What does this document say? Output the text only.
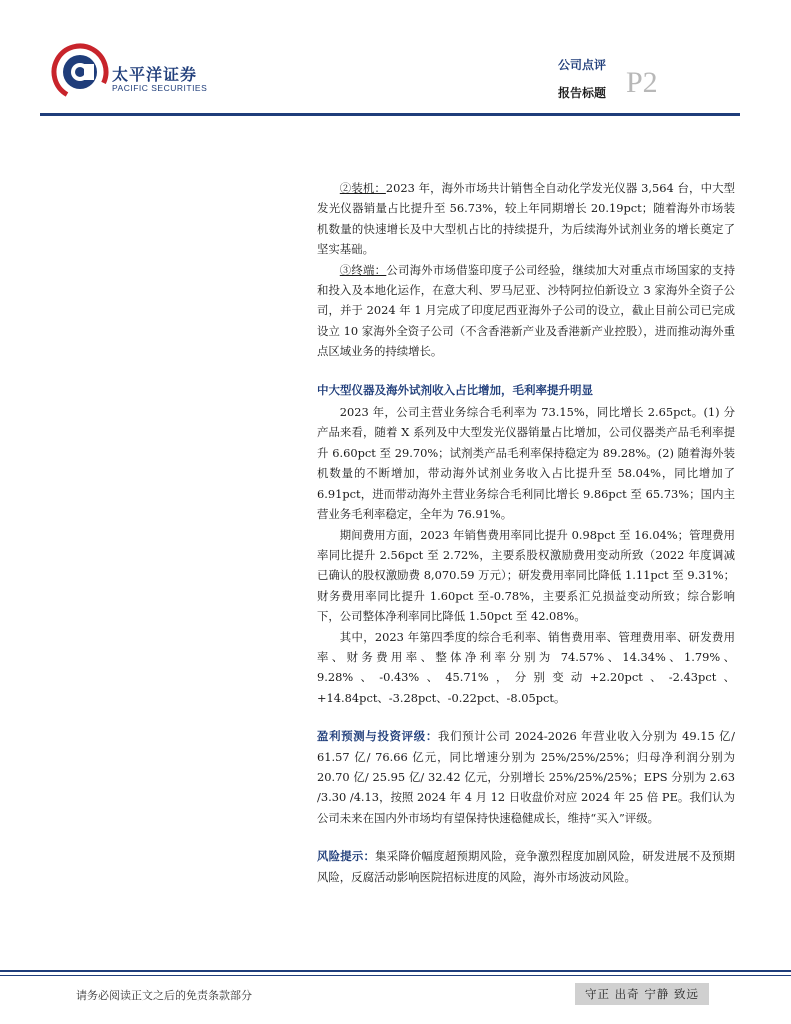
太平洋证券
PACIFIC SECURITIES
公司点评
报告标题 P2

②装机：2023 年，海外市场共计销售全自动化学发光仪器 3,564 台，中大型发光仪器销量占比提升至 56.73%，较上年同期增长 20.19pct；随着海外市场装机数量的快速增长及中大型机占比的持续提升，为后续海外试剂业务的增长奠定了坚实基础。

③终端：公司海外市场借鉴印度子公司经验，继续加大对重点市场国家的支持和投入及本地化运作，在意大利、罗马尼亚、沙特阿拉伯新设立 3 家海外全资子公司，并于 2024 年 1 月完成了印度尼西亚海外子公司的设立，截止目前公司已完成设立 10 家海外全资子公司（不含香港新产业及香港新产业控股），进而推动海外重点区域业务的持续增长。

中大型仪器及海外试剂收入占比增加，毛利率提升明显

2023 年，公司主营业务综合毛利率为 73.15%，同比增长 2.65pct。(1) 分产品来看，随着 X 系列及中大型发光仪器销量占比增加，公司仪器类产品毛利率提升 6.60pct 至 29.70%；试剂类产品毛利率保持稳定为 89.28%。(2) 随着海外装机数量的不断增加，带动海外试剂业务收入占比提升至 58.04%，同比增加了 6.91pct，进而带动海外主营业务综合毛利同比增长 9.86pct 至 65.73%；国内主营业务毛利率稳定，全年为 76.91%。

期间费用方面，2023 年销售费用率同比提升 0.98pct 至 16.04%；管理费用率同比提升 2.56pct 至 2.72%，主要系股权激励费用变动所致（2022 年度调减已确认的股权激励费 8,070.59 万元）；研发费用率同比降低 1.11pct 至 9.31%；财务费用率同比提升 1.60pct 至-0.78%，主要系汇兑损益变动所致；综合影响下，公司整体净利率同比降低 1.50pct 至 42.08%。

其中，2023 年第四季度的综合毛利率、销售费用率、管理费用率、研发费用率、财务费用率、整体净利率分别为 74.57%、14.34%、1.79%、9.28%、-0.43%、45.71%，分别变动+2.20pct、-2.43pct、+14.84pct、-3.28pct、-0.22pct、-8.05pct。

盈利预测与投资评级：我们预计公司 2024-2026 年营业收入分别为 49.15 亿/ 61.57 亿/ 76.66 亿元，同比增速分别为 25%/25%/25%；归母净利润分别为 20.70 亿/ 25.95 亿/ 32.42 亿元，分别增长 25%/25%/25%；EPS 分别为 2.63 /3.30 /4.13，按照 2024 年 4 月 12 日收盘价对应 2024 年 25 倍 PE。我们认为公司未来在国内外市场均有望保持快速稳健成长，维持“买入”评级。

风险提示：集采降价幅度超预期风险，竞争激烈程度加剧风险，研发进展不及预期风险，反腐活动影响医院招标进度的风险，海外市场波动风险。

请务必阅读正文之后的免责条款部分	守正 出奇 宁静 致远
